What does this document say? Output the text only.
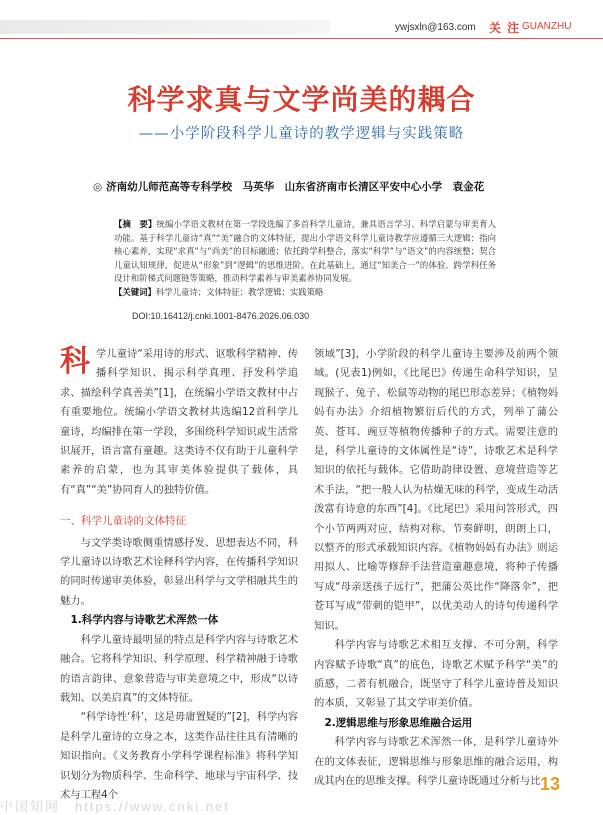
ywjsxln@163.com 关 注 GUANZHU
科学求真与文学尚美的耦合
——小学阶段科学儿童诗的教学逻辑与实践策略
◎ 济南幼儿师范高等专科学校　马英华　山东省济南市长清区平安中心小学　袁金花
【摘　要】统编小学语文教材在第一学段选编了多首科学儿童诗，兼具语言学习、科学启蒙与审美育人功能。基于科学儿童诗“真”“美”融合的文体特征，提出小学语文科学儿童诗教学应遵循三大逻辑：指向核心素养，实现“求真”与“尚美”的目标融通；依托跨学科整合，落实“科学”与“语文”的内容统整；契合儿童认知规律，促进从“形象”到“逻辑”的思维进阶。在此基础上，通过“知美合一”的体验、跨学科任务设计和阶梯式问题链等策略，推动科学素养与审美素养协同发展。
【关键词】科学儿童诗；文体特征；教学逻辑；实践策略
DOI:10.16412/j.cnki.1001-8476.2026.06.030
科 学儿童诗“采用诗的形式、讴歌科学精神、传播科学知识、揭示科学真理、抒发科学追求、描绘科学真善美”[1]，在统编小学语文教材中占有重要地位。统编小学语文教材共选编12首科学儿童诗，均编排在第一学段，多围绕科学知识或生活常识展开，语言富有童趣。这类诗不仅有助于儿童科学素养的启蒙，也为其审美体验提供了载体，具有“真”“美”协同育人的独特价值。

一、科学儿童诗的文体特征

与文学类诗歌侧重情感抒发、思想表达不同，科学儿童诗以诗歌艺术诠释科学内容，在传播科学知识的同时传递审美体验，彰显出科学与文学相融共生的魅力。

1.科学内容与诗歌艺术浑然一体

科学儿童诗最明显的特点是科学内容与诗歌艺术融合。它将科学知识、科学原理、科学精神融于诗歌的语言韵律、意象营造与审美意境之中，形成“以诗载知、以美启真”的文体特征。

“科学诗性‘科’，这是毋庸置疑的”[2]，科学内容是科学儿童诗的立身之本，这类作品往往具有清晰的知识指向。《义务教育小学科学课程标准》将科学知识划分为物质科学、生命科学、地球与宇宙科学、技术与工程4个

领域”[3]，小学阶段的科学儿童诗主要涉及前两个领域。(见表1)例如，《比尾巴》传递生命科学知识，呈现猴子、兔子、松鼠等动物的尾巴形态差异；《植物妈妈有办法》介绍植物繁衍后代的方式，列举了蒲公英、苍耳、豌豆等植物传播种子的方式。需要注意的是，科学儿童诗的文体属性是“诗”，诗歌艺术是科学知识的依托与载体。它借助韵律设置、意境营造等艺术手法，“把一般人认为枯燥无味的科学，变成生动活泼富有诗意的东西”[4]。《比尾巴》采用问答形式，四个小节两两对应，结构对称、节奏鲜明，朗朗上口，以整齐的形式承载知识内容。《植物妈妈有办法》则运用拟人、比喻等修辞手法营造童趣意境，将种子传播写成“母亲送孩子远行”，把蒲公英比作“降落伞”，把苍耳写成“带刺的铠甲”，以优美动人的诗句传递科学知识。

科学内容与诗歌艺术相互支撑、不可分割，科学内容赋予诗歌“真”的底色，诗歌艺术赋予科学“美”的质感，二者有机融合，既坚守了科学儿童诗普及知识的本质，又彰显了其文学审美价值。

2.逻辑思维与形象思维融合运用

科学内容与诗歌艺术浑然一体，是科学儿童诗外在的文体表征，逻辑思维与形象思维的融合运用，构成其内在的思维支撑。科学儿童诗既通过分析与比 13
中国知网　https://www.cnki.net
